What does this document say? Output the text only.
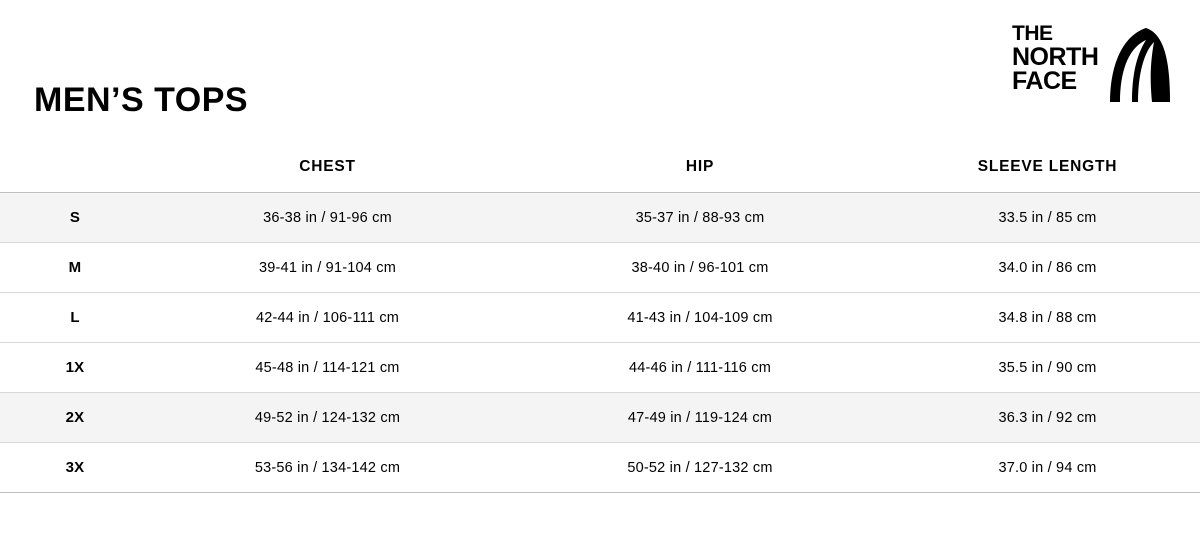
MEN’S TOPS
THE
NORTH
FACE
	CHEST	HIP	SLEEVE LENGTH
S	36-38 in / 91-96 cm	35-37 in / 88-93 cm	33.5 in / 85 cm
M	39-41 in / 91-104 cm	38-40 in / 96-101 cm	34.0 in / 86 cm
L	42-44 in / 106-111 cm	41-43 in / 104-109 cm	34.8 in / 88 cm
1X	45-48 in / 114-121 cm	44-46 in / 111-116 cm	35.5 in / 90 cm
2X	49-52 in / 124-132 cm	47-49 in / 119-124 cm	36.3 in / 92 cm
3X	53-56 in / 134-142 cm	50-52 in / 127-132 cm	37.0 in / 94 cm
